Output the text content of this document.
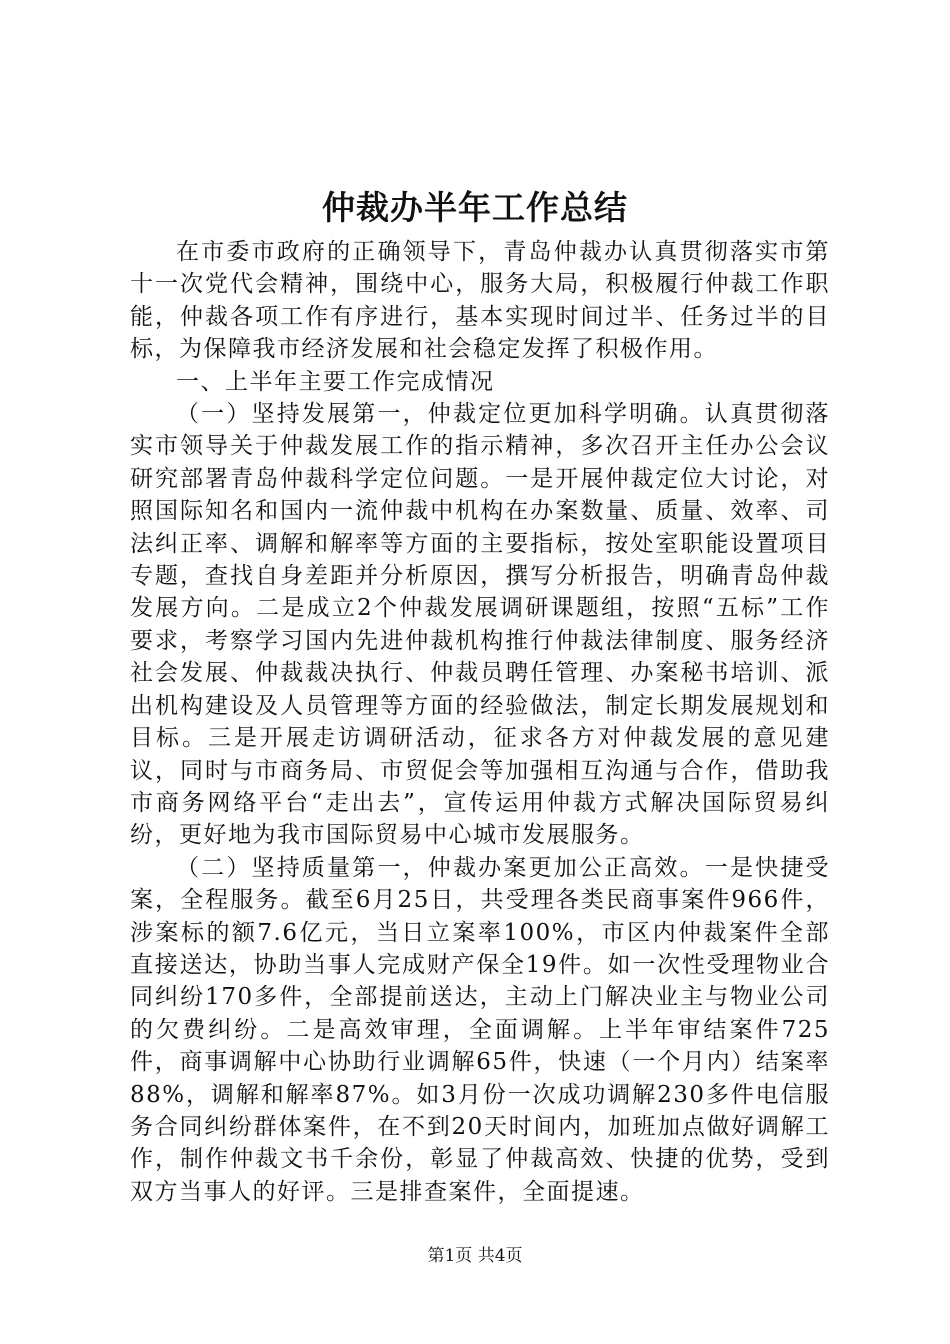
仲裁办半年工作总结

在市委市政府的正确领导下，青岛仲裁办认真贯彻落实市第十一次党代会精神，围绕中心，服务大局，积极履行仲裁工作职能，仲裁各项工作有序进行，基本实现时间过半、任务过半的目标，为保障我市经济发展和社会稳定发挥了积极作用。

一、上半年主要工作完成情况

（一）坚持发展第一，仲裁定位更加科学明确。认真贯彻落实市领导关于仲裁发展工作的指示精神，多次召开主任办公会议研究部署青岛仲裁科学定位问题。一是开展仲裁定位大讨论，对照国际知名和国内一流仲裁中机构在办案数量、质量、效率、司法纠正率、调解和解率等方面的主要指标，按处室职能设置项目专题，查找自身差距并分析原因，撰写分析报告，明确青岛仲裁发展方向。二是成立2个仲裁发展调研课题组，按照“五标”工作要求，考察学习国内先进仲裁机构推行仲裁法律制度、服务经济社会发展、仲裁裁决执行、仲裁员聘任管理、办案秘书培训、派出机构建设及人员管理等方面的经验做法，制定长期发展规划和目标。三是开展走访调研活动，征求各方对仲裁发展的意见建议，同时与市商务局、市贸促会等加强相互沟通与合作，借助我市商务网络平台“走出去”，宣传运用仲裁方式解决国际贸易纠纷，更好地为我市国际贸易中心城市发展服务。

（二）坚持质量第一，仲裁办案更加公正高效。一是快捷受案，全程服务。截至6月25日，共受理各类民商事案件966件，涉案标的额7.6亿元，当日立案率100%，市区内仲裁案件全部直接送达，协助当事人完成财产保全19件。如一次性受理物业合同纠纷170多件，全部提前送达，主动上门解决业主与物业公司的欠费纠纷。二是高效审理，全面调解。上半年审结案件725件，商事调解中心协助行业调解65件，快速（一个月内）结案率88%，调解和解率87%。如3月份一次成功调解230多件电信服务合同纠纷群体案件，在不到20天时间内，加班加点做好调解工作，制作仲裁文书千余份，彰显了仲裁高效、快捷的优势，受到双方当事人的好评。三是排查案件，全面提速。

第1页 共4页
